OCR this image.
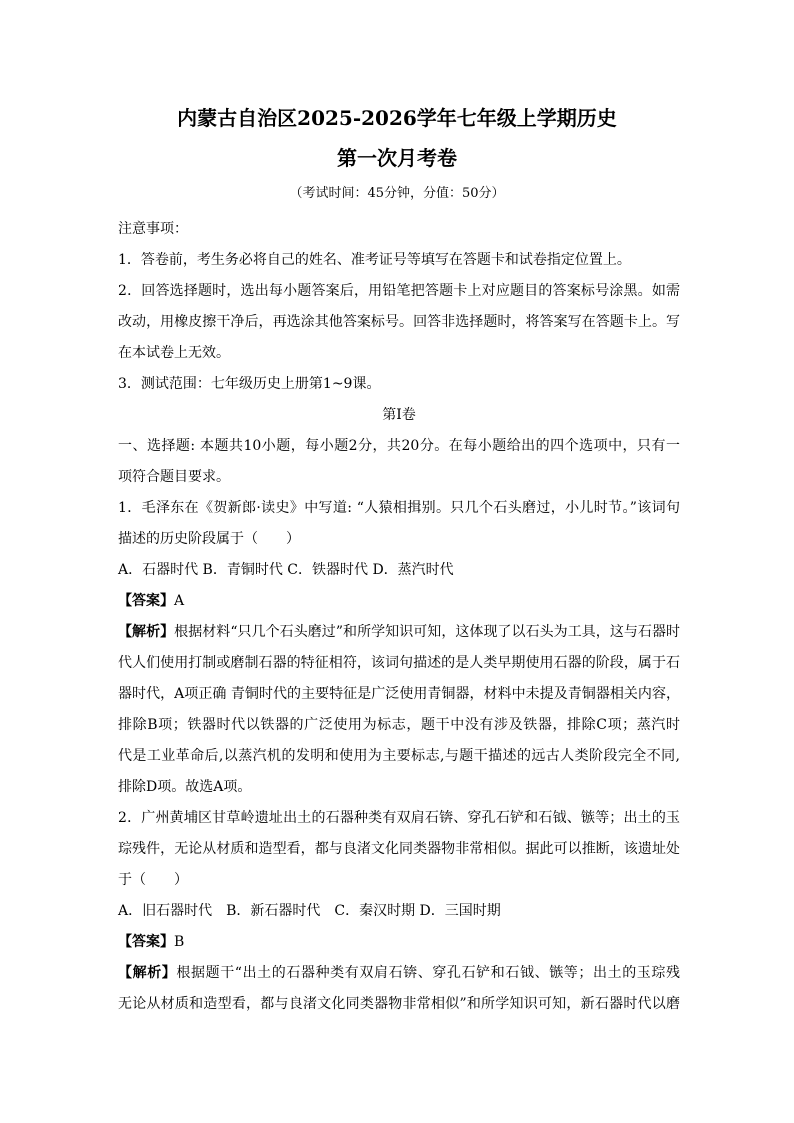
内蒙古自治区2025-2026学年七年级上学期历史
第一次月考卷
（考试时间：45分钟，分值：50分）
注意事项：
1．答卷前，考生务必将自己的姓名、准考证号等填写在答题卡和试卷指定位置上。
2．回答选择题时，选出每小题答案后，用铅笔把答题卡上对应题目的答案标号涂黑。如需
改动，用橡皮擦干净后，再选涂其他答案标号。回答非选择题时，将答案写在答题卡上。写
在本试卷上无效。
3．测试范围：七年级历史上册第1~9课。
第Ⅰ卷
一、选择题: 本题共10小题，每小题2分，共20分。在每小题给出的四个选项中，只有一
项符合题目要求。
1．毛泽东在《贺新郎·读史》中写道: “人猿相揖别。只几个石头磨过，小儿时节。”该词句
描述的历史阶段属于（　　）
A．石器时代 B．青铜时代 C．铁器时代 D．蒸汽时代
【答案】A
【解析】根据材料“只几个石头磨过”和所学知识可知，这体现了以石头为工具，这与石器时
代人们使用打制或磨制石器的特征相符，该词句描述的是人类早期使用石器的阶段，属于石
器时代，A项正确 青铜时代的主要特征是广泛使用青铜器，材料中未提及青铜器相关内容，
排除B项；铁器时代以铁器的广泛使用为标志，题干中没有涉及铁器，排除C项；蒸汽时
代是工业革命后,以蒸汽机的发明和使用为主要标志,与题干描述的远古人类阶段完全不同,
排除D项。故选A项。
2．广州黄埔区甘草岭遗址出土的石器种类有双肩石锛、穿孔石铲和石钺、镞等；出土的玉
琮残件，无论从材质和造型看，都与良渚文化同类器物非常相似。据此可以推断，该遗址处
于（　　）
A．旧石器时代　B．新石器时代　C．秦汉时期 D．三国时期
【答案】B
【解析】根据题干“出土的石器种类有双肩石锛、穿孔石铲和石钺、镞等；出土的玉琮残
无论从材质和造型看，都与良渚文化同类器物非常相似”和所学知识可知，新石器时代以磨
